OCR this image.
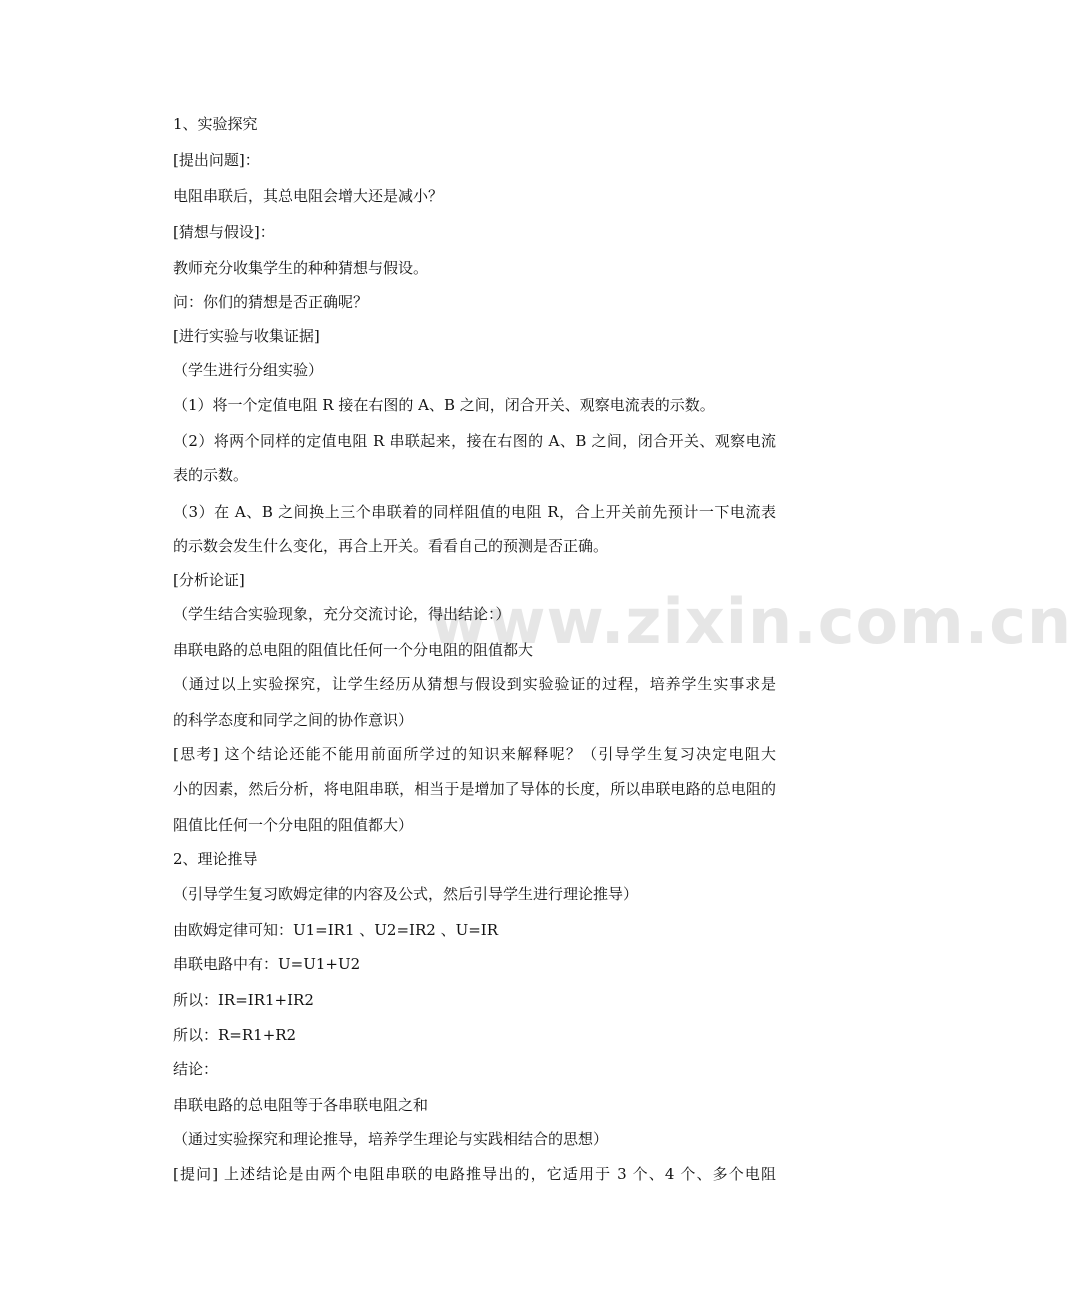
www.zixin.com.cn
1、实验探究
[提出问题]：
电阻串联后，其总电阻会增大还是减小？
[猜想与假设]：
教师充分收集学生的种种猜想与假设。
问：你们的猜想是否正确呢？
[进行实验与收集证据]
（学生进行分组实验）
（1）将一个定值电阻 R 接在右图的 A、B 之间，闭合开关、观察电流表的示数。
（2）将两个同样的定值电阻 R 串联起来，接在右图的 A、B 之间，闭合开关、观察电流
表的示数。
（3）在 A、B 之间换上三个串联着的同样阻值的电阻 R，合上开关前先预计一下电流表
的示数会发生什么变化，再合上开关。看看自己的预测是否正确。
[分析论证]
（学生结合实验现象，充分交流讨论，得出结论：）
串联电路的总电阻的阻值比任何一个分电阻的阻值都大
（通过以上实验探究，让学生经历从猜想与假设到实验验证的过程，培养学生实事求是
的科学态度和同学之间的协作意识）
[思考] 这个结论还能不能用前面所学过的知识来解释呢？（引导学生复习决定电阻大
小的因素，然后分析，将电阻串联，相当于是增加了导体的长度，所以串联电路的总电阻的
阻值比任何一个分电阻的阻值都大）
2、理论推导
（引导学生复习欧姆定律的内容及公式，然后引导学生进行理论推导）
由欧姆定律可知：U1=IR1 、U2=IR2 、U=IR
串联电路中有：U=U1+U2
所以：IR=IR1+IR2
所以：R=R1+R2
结论：
串联电路的总电阻等于各串联电阻之和
（通过实验探究和理论推导，培养学生理论与实践相结合的思想）
[提问] 上述结论是由两个电阻串联的电路推导出的，它适用于 3 个、4 个、多个电阻
